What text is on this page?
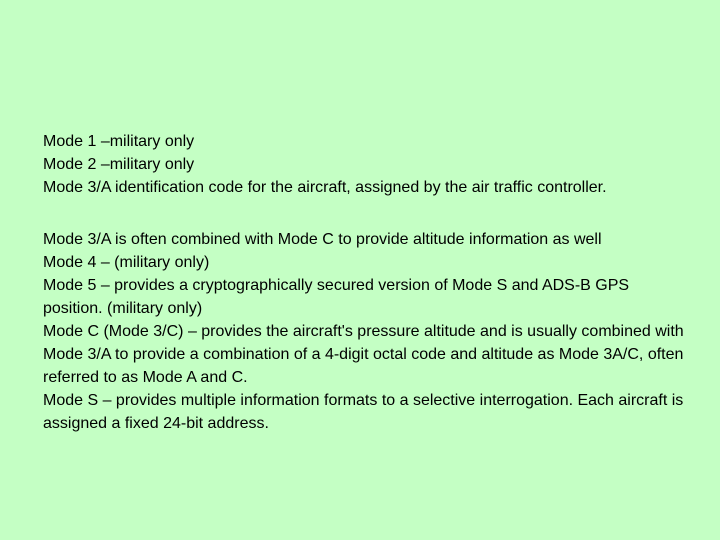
Mode 1 –military only

Mode 2 –military only

Mode 3/A identification code for the aircraft, assigned by the air traffic controller.

Mode 3/A is often combined with Mode C to provide altitude information as well

Mode 4 – (military only)

Mode 5 – provides a cryptographically secured version of Mode S and ADS-B GPS position. (military only)

Mode C (Mode 3/C) – provides the aircraft's pressure altitude and is usually combined with Mode 3/A to provide a combination of a 4-digit octal code and altitude as Mode 3A/C, often referred to as Mode A and C.

Mode S – provides multiple information formats to a selective interrogation. Each aircraft is assigned a fixed 24-bit address.
